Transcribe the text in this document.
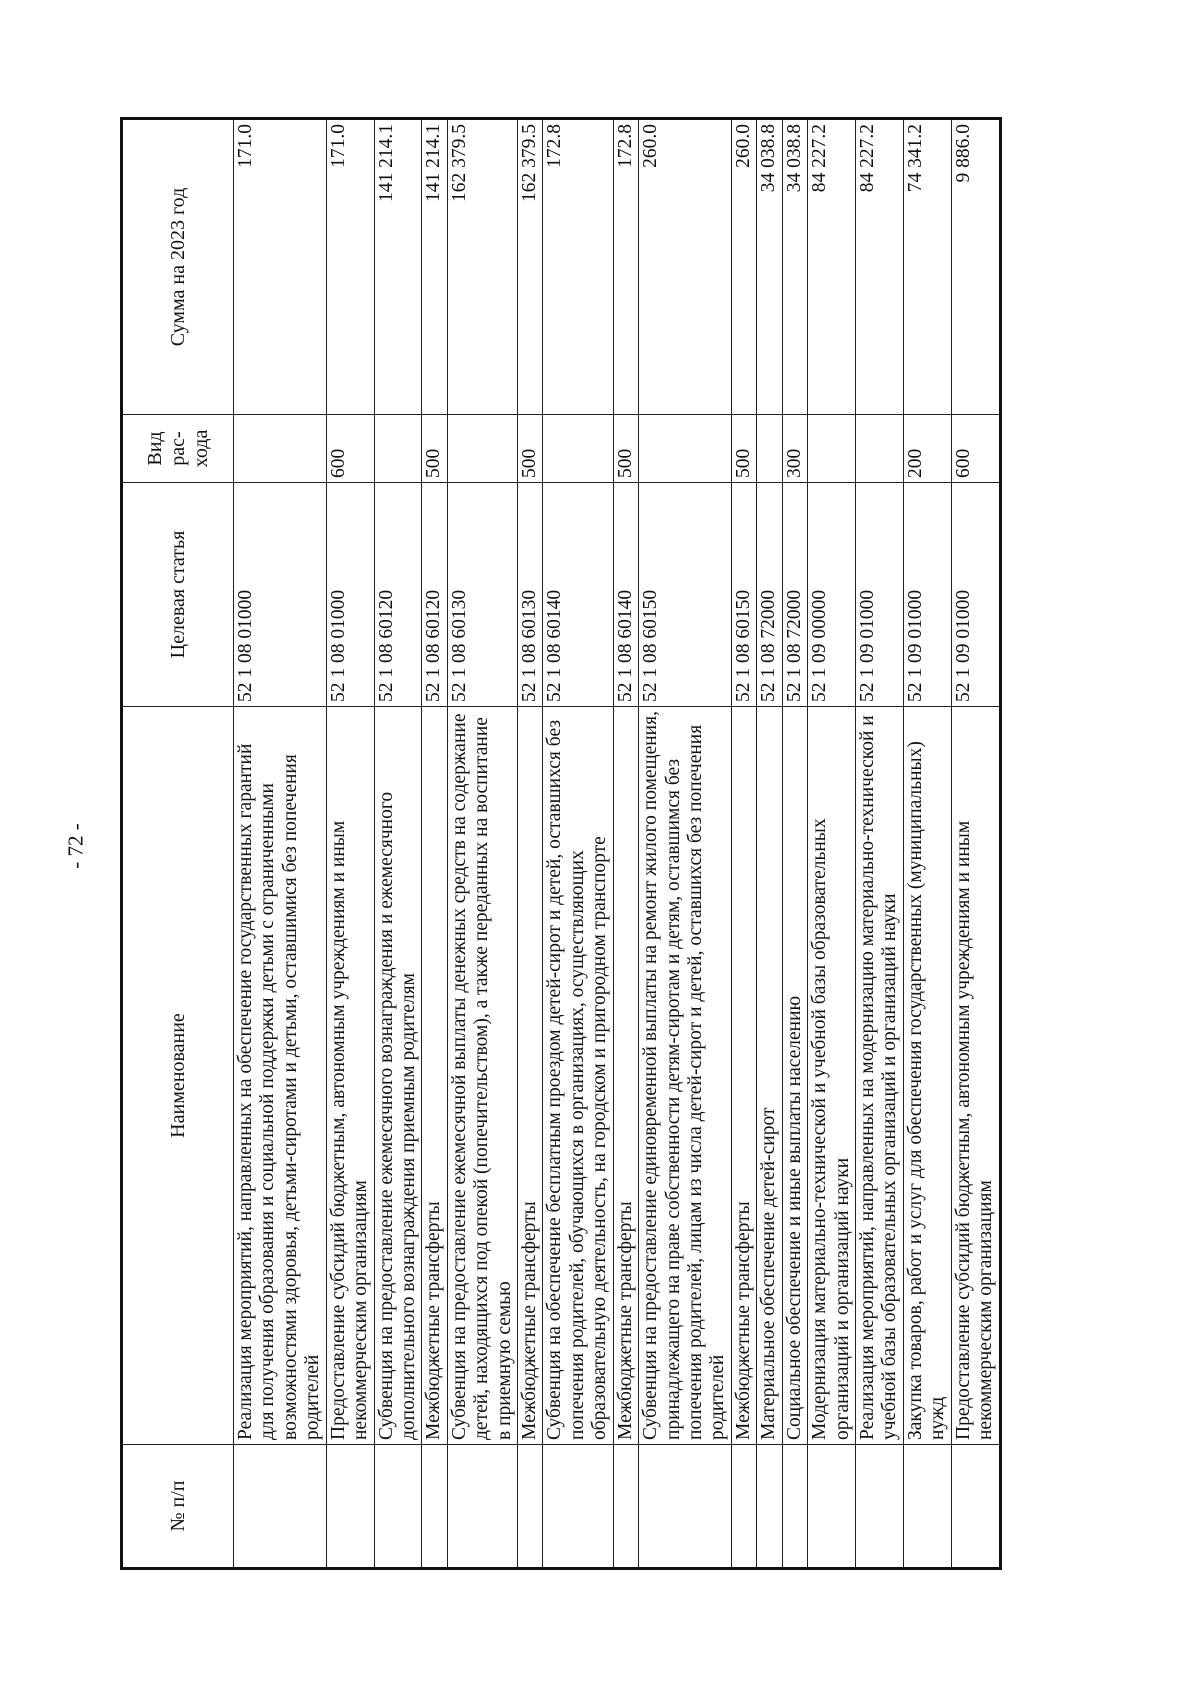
- 72 -
№ п/п	Наименование	Целевая статья	Вид рас-хода	Сумма на 2023 год
	Реализация мероприятий, направленных на обеспечение государственных гарантий для получения образования и социальной поддержки детьми с ограниченными возможностями здоровья, детьми-сиротами и детьми, оставшимися без попечения родителей	52 1 08 01000		171.0
	Предоставление субсидий бюджетным, автономным учреждениям и иным некоммерческим организациям	52 1 08 01000	600	171.0
	Субвенция на предоставление ежемесячного вознаграждения и ежемесячного дополнительного вознаграждения приемным родителям	52 1 08 60120		141 214.1
	Межбюджетные трансферты	52 1 08 60120	500	141 214.1
	Субвенция на предоставление ежемесячной выплаты денежных средств на содержание детей, находящихся под опекой (попечительством), а также переданных на воспитание в приемную семью	52 1 08 60130		162 379.5
	Межбюджетные трансферты	52 1 08 60130	500	162 379.5
	Субвенция на обеспечение бесплатным проездом детей-сирот и детей, оставшихся без попечения родителей, обучающихся в организациях, осуществляющих образовательную деятельность, на городском и пригородном транспорте	52 1 08 60140		172.8
	Межбюджетные трансферты	52 1 08 60140	500	172.8
	Субвенция на предоставление единовременной выплаты на ремонт жилого помещения, принадлежащего на праве собственности детям-сиротам и детям, оставшимся без попечения родителей, лицам из числа детей-сирот и детей, оставшихся без попечения родителей	52 1 08 60150		260.0
	Межбюджетные трансферты	52 1 08 60150	500	260.0
	Материальное обеспечение детей-сирот	52 1 08 72000		34 038.8
	Социальное обеспечение и иные выплаты населению	52 1 08 72000	300	34 038.8
	Модернизация материально-технической и учебной базы образовательных организаций и организаций науки	52 1 09 00000		84 227.2
	Реализация мероприятий, направленных на модернизацию материально-технической и учебной базы образовательных организаций и организаций науки	52 1 09 01000		84 227.2
	Закупка товаров, работ и услуг для обеспечения государственных (муниципальных) нужд	52 1 09 01000	200	74 341.2
	Предоставление субсидий бюджетным, автономным учреждениям и иным некоммерческим организациям	52 1 09 01000	600	9 886.0
